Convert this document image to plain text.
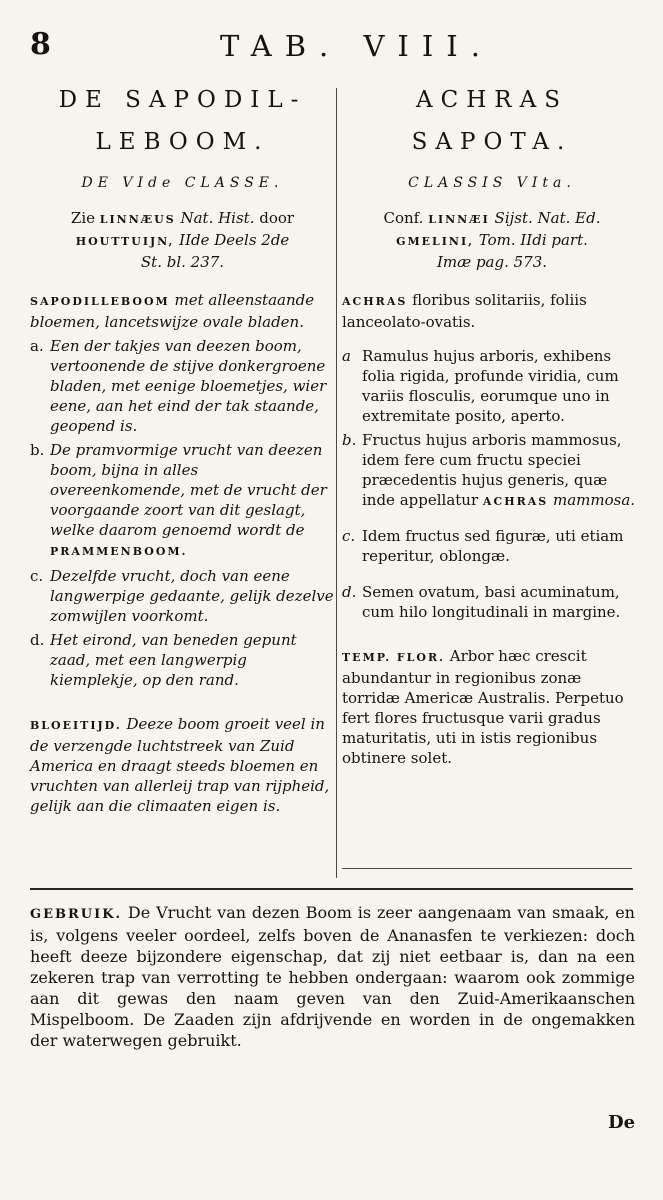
8	TAB. VIII.
DE SAPODIL-
LEBOOM.
DE VIde CLASSE.
Zie LINNÆUS Nat. Hist. door
HOUTTUIJN, IIde Deels 2de
St. bl. 237.

SAPODILLEBOOM met alleenstaande bloemen, lancetswijze ovale bladen.

a. Een der takjes van deezen boom, vertoonende de stijve donkergroene bladen, met eenige bloemetjes, wier eene, aan het eind der tak staande, geopend is.
b. De pramvormige vrucht van deezen boom, bijna in alles overeenkomende, met de vrucht der voorgaande zoort van dit geslagt, welke daarom genoemd wordt de PRAMMENBOOM.
c. Dezelfde vrucht, doch van eene langwerpige gedaante, gelijk dezelve zomwijlen voorkomt.
d. Het eirond, van beneden gepunt zaad, met een langwerpig kiemplekje, op den rand.

BLOEITIJD. Deeze boom groeit veel in de verzengde luchtstreek van Zuid America en draagt steeds bloemen en vruchten van allerleij trap van rijpheid, gelijk aan die climaaten eigen is.

ACHRAS
SAPOTA.
CLASSIS VIta.
Conf. LINNÆI Sijst. Nat. Ed.
GMELINI, Tom. IIdi part.
Imæ pag. 573.

ACHRAS floribus solitariis, foliis lanceolato-ovatis.

a Ramulus hujus arboris, exhibens folia rigida, profunde viridia, cum variis flosculis, eorumque uno in extremitate posito, aperto.
b. Fructus hujus arboris mammosus, idem fere cum fructu speciei præcedentis hujus generis, quæ inde appellatur ACHRAS mammosa.
c. Idem fructus sed figuræ, uti etiam reperitur, oblongæ.
d. Semen ovatum, basi acuminatum, cum hilo longitudinali in margine.

TEMP. FLOR. Arbor hæc crescit abundantur in regionibus zonæ torridæ Americæ Australis. Perpetuo fert flores fructusque varii gradus maturitatis, uti in istis regionibus obtinere solet.

GEBRUIK. De Vrucht van dezen Boom is zeer aangenaam van smaak, en is, volgens veeler oordeel, zelfs boven de Ananasfen te verkiezen: doch heeft deeze bijzondere eigenschap, dat zij niet eetbaar is, dan na een zekeren trap van verrotting te hebben ondergaan: waarom ook zommige aan dit gewas den naam geven van den Zuid-Amerikaanschen Mispelboom. De Zaaden zijn afdrijvende en worden in de ongemakken der waterwegen gebruikt.

De
